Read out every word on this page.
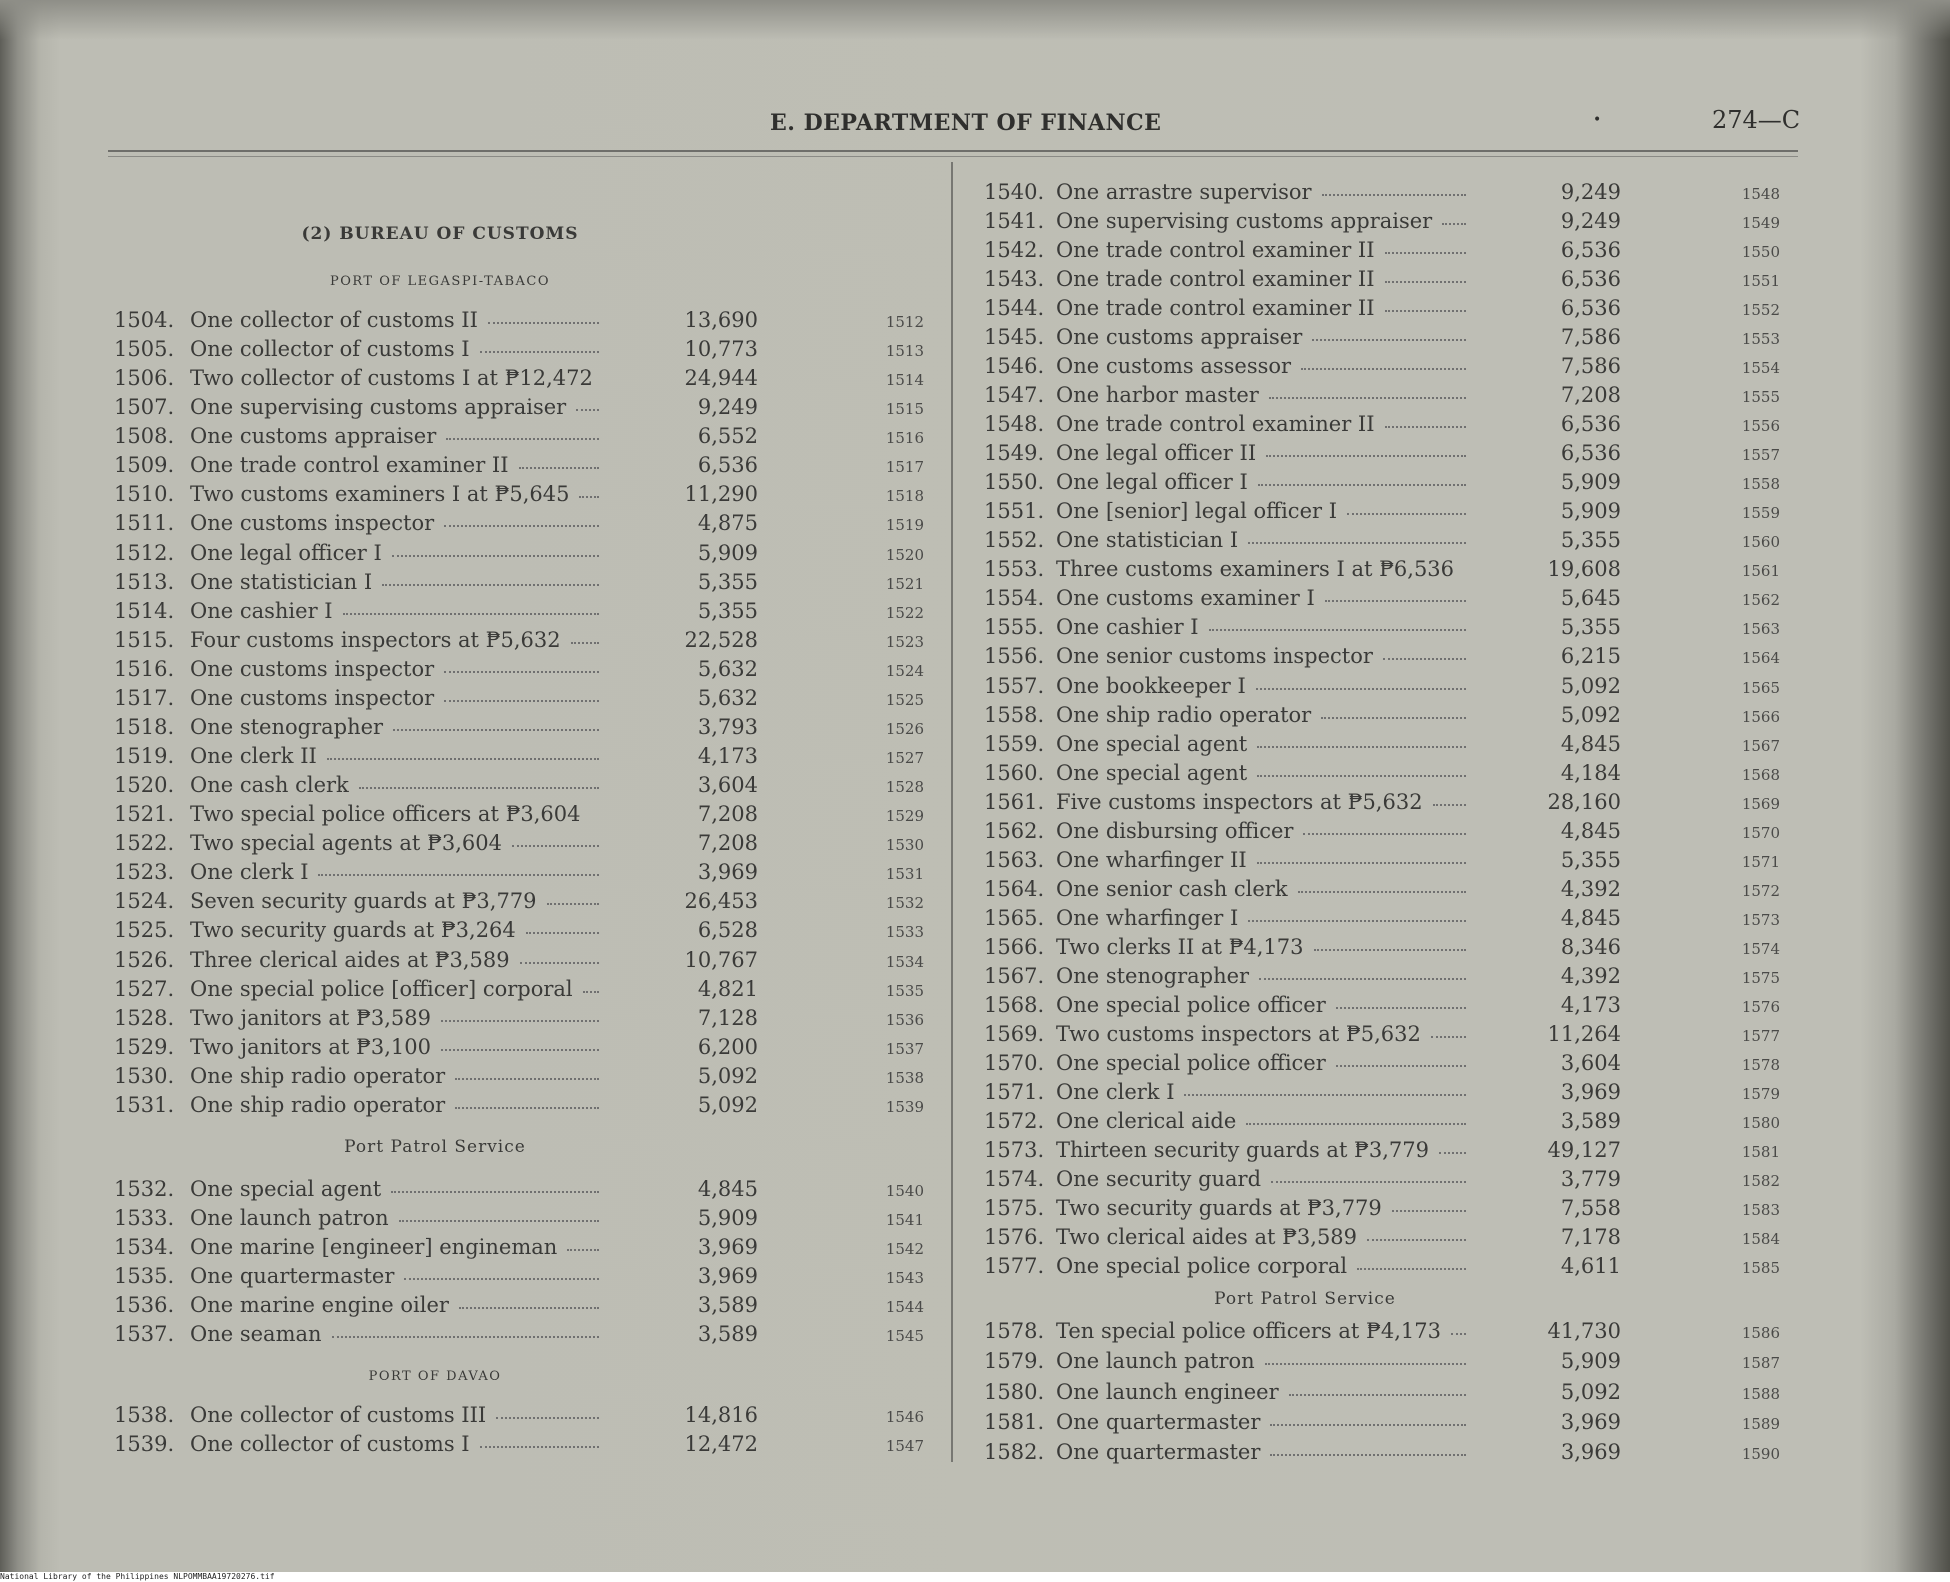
E. DEPARTMENT OF FINANCE	•	274—C
(2) BUREAU OF CUSTOMS
PORT OF LEGASPI-TABACO
1504. One collector of customs II	13,690	1512
1505. One collector of customs I	10,773	1513
1506. Two collector of customs I at ₱12,472	24,944	1514
1507. One supervising customs appraiser	9,249	1515
1508. One customs appraiser	6,552	1516
1509. One trade control examiner II	6,536	1517
1510. Two customs examiners I at ₱5,645	11,290	1518
1511. One customs inspector	4,875	1519
1512. One legal officer I	5,909	1520
1513. One statistician I	5,355	1521
1514. One cashier I	5,355	1522
1515. Four customs inspectors at ₱5,632	22,528	1523
1516. One customs inspector	5,632	1524
1517. One customs inspector	5,632	1525
1518. One stenographer	3,793	1526
1519. One clerk II	4,173	1527
1520. One cash clerk	3,604	1528
1521. Two special police officers at ₱3,604	7,208	1529
1522. Two special agents at ₱3,604	7,208	1530
1523. One clerk I	3,969	1531
1524. Seven security guards at ₱3,779	26,453	1532
1525. Two security guards at ₱3,264	6,528	1533
1526. Three clerical aides at ₱3,589	10,767	1534
1527. One special police [officer] corporal	4,821	1535
1528. Two janitors at ₱3,589	7,128	1536
1529. Two janitors at ₱3,100	6,200	1537
1530. One ship radio operator	5,092	1538
1531. One ship radio operator	5,092	1539
Port Patrol Service
1532. One special agent	4,845	1540
1533. One launch patron	5,909	1541
1534. One marine [engineer] engineman	3,969	1542
1535. One quartermaster	3,969	1543
1536. One marine engine oiler	3,589	1544
1537. One seaman	3,589	1545
PORT OF DAVAO
1538. One collector of customs III	14,816	1546
1539. One collector of customs I	12,472	1547
1540. One arrastre supervisor	9,249	1548
1541. One supervising customs appraiser	9,249	1549
1542. One trade control examiner II	6,536	1550
1543. One trade control examiner II	6,536	1551
1544. One trade control examiner II	6,536	1552
1545. One customs appraiser	7,586	1553
1546. One customs assessor	7,586	1554
1547. One harbor master	7,208	1555
1548. One trade control examiner II	6,536	1556
1549. One legal officer II	6,536	1557
1550. One legal officer I	5,909	1558
1551. One [senior] legal officer I	5,909	1559
1552. One statistician I	5,355	1560
1553. Three customs examiners I at ₱6,536	19,608	1561
1554. One customs examiner I	5,645	1562
1555. One cashier I	5,355	1563
1556. One senior customs inspector	6,215	1564
1557. One bookkeeper I	5,092	1565
1558. One ship radio operator	5,092	1566
1559. One special agent	4,845	1567
1560. One special agent	4,184	1568
1561. Five customs inspectors at ₱5,632	28,160	1569
1562. One disbursing officer	4,845	1570
1563. One wharfinger II	5,355	1571
1564. One senior cash clerk	4,392	1572
1565. One wharfinger I	4,845	1573
1566. Two clerks II at ₱4,173	8,346	1574
1567. One stenographer	4,392	1575
1568. One special police officer	4,173	1576
1569. Two customs inspectors at ₱5,632	11,264	1577
1570. One special police officer	3,604	1578
1571. One clerk I	3,969	1579
1572. One clerical aide	3,589	1580
1573. Thirteen security guards at ₱3,779	49,127	1581
1574. One security guard	3,779	1582
1575. Two security guards at ₱3,779	7,558	1583
1576. Two clerical aides at ₱3,589	7,178	1584
1577. One special police corporal	4,611	1585
Port Patrol Service
1578. Ten special police officers at ₱4,173	41,730	1586
1579. One launch patron	5,909	1587
1580. One launch engineer	5,092	1588
1581. One quartermaster	3,969	1589
1582. One quartermaster	3,969	1590
National Library of the Philippines NLPOMMBAA19720276.tif
